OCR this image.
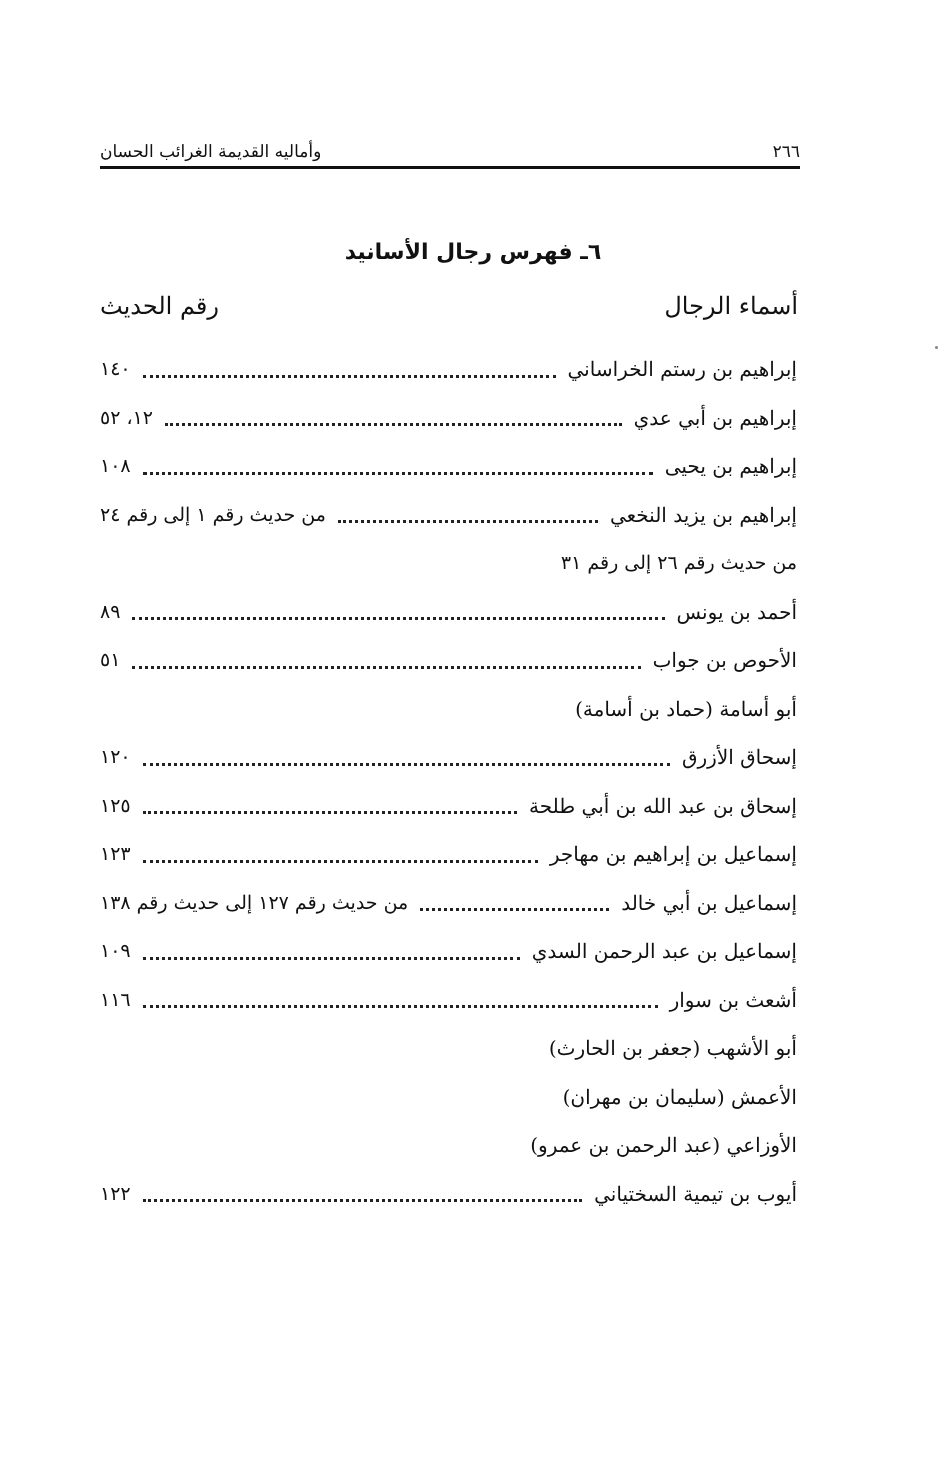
وأماليه القديمة الغرائب الحسان	٢٦٦
٦ـ فهرس رجال الأسانيد
أسماء الرجال
رقم الحديث
إبراهيم بن رستم الخراساني
١٤٠
إبراهيم بن أبي عدي
١٢، ٥٢
إبراهيم بن يحيى
١٠٨
إبراهيم بن يزيد النخعي
من حديث رقم ١ إلى رقم ٢٤
من حديث رقم ٢٦ إلى رقم ٣١
أحمد بن يونس
٨٩
الأحوص بن جواب
٥١
أبو أسامة (حماد بن أسامة)
إسحاق الأزرق
١٢٠
إسحاق بن عبد الله بن أبي طلحة
١٢٥
إسماعيل بن إبراهيم بن مهاجر
١٢٣
إسماعيل بن أبي خالد
من حديث رقم ١٢٧ إلى حديث رقم ١٣٨
إسماعيل بن عبد الرحمن السدي
١٠٩
أشعث بن سوار
١١٦
أبو الأشهب (جعفر بن الحارث)
الأعمش (سليمان بن مهران)
الأوزاعي (عبد الرحمن بن عمرو)
أيوب بن تيمية السختياني
١٢٢
